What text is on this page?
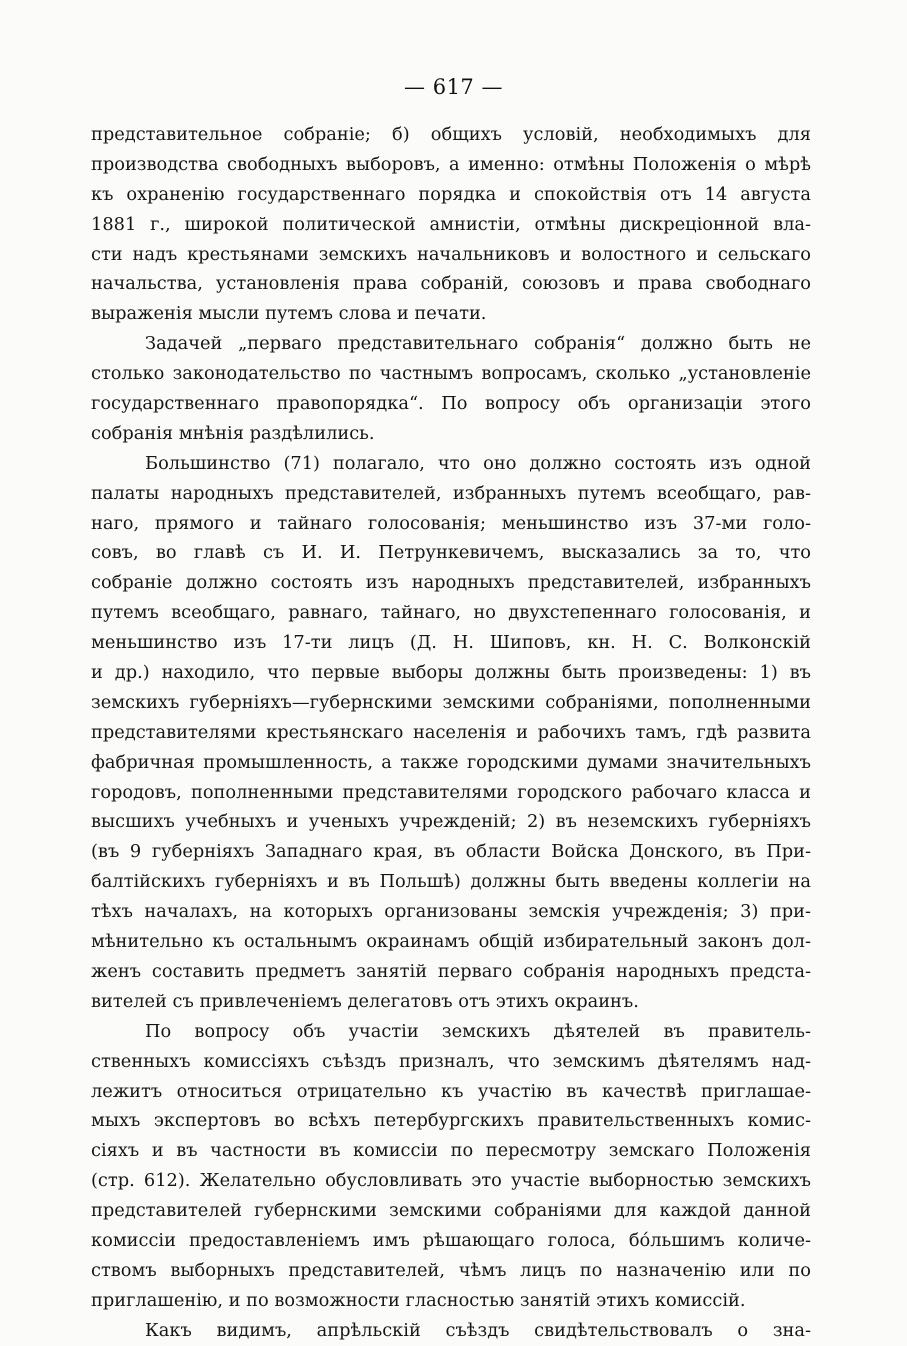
— 617 —
представительное собраніе; б) общихъ условій, необходимыхъ для
производства свободныхъ выборовъ, а именно: отмѣны Положенія о мѣрѣ
къ охраненію государственнаго порядка и спокойствія отъ 14 августа
1881 г., широкой политической амнистіи, отмѣны дискреціонной вла-
сти надъ крестьянами земскихъ начальниковъ и волостного и сельскаго
начальства, установленія права собраній, союзовъ и права свободнаго
выраженія мысли путемъ слова и печати.
Задачей „перваго представительнаго собранія“ должно быть не
столько законодательство по частнымъ вопросамъ, сколько „установленіе
государственнаго правопорядка“. По вопросу объ организаціи этого
собранія мнѣнія раздѣлились.
Большинство (71) полагало, что оно должно состоять изъ одной
палаты народныхъ представителей, избранныхъ путемъ всеобщаго, рав-
наго, прямого и тайнаго голосованія; меньшинство изъ 37-ми голо-
совъ, во главѣ съ И. И. Петрункевичемъ, высказались за то, что
собраніе должно состоять изъ народныхъ представителей, избранныхъ
путемъ всеобщаго, равнаго, тайнаго, но двухстепеннаго голосованія, и
меньшинство изъ 17-ти лицъ (Д. Н. Шиповъ, кн. Н. С. Волконскій
и др.) находило, что первые выборы должны быть произведены: 1) въ
земскихъ губерніяхъ—губернскими земскими собраніями, пополненными
представителями крестьянскаго населенія и рабочихъ тамъ, гдѣ развита
фабричная промышленность, а также городскими думами значительныхъ
городовъ, пополненными представителями городского рабочаго класса и
высшихъ учебныхъ и ученыхъ учрежденій; 2) въ неземскихъ губерніяхъ
(въ 9 губерніяхъ Западнаго края, въ области Войска Донского, въ При-
балтійскихъ губерніяхъ и въ Польшѣ) должны быть введены коллегіи на
тѣхъ началахъ, на которыхъ организованы земскія учрежденія; 3) при-
мѣнительно къ остальнымъ окраинамъ общій избирательный законъ дол-
женъ составить предметъ занятій перваго собранія народныхъ предста-
вителей съ привлеченіемъ делегатовъ отъ этихъ окраинъ.
По вопросу объ участіи земскихъ дѣятелей въ правитель-
ственныхъ комиссіяхъ съѣздъ призналъ, что земскимъ дѣятелямъ над-
лежитъ относиться отрицательно къ участію въ качествѣ приглашае-
мыхъ экспертовъ во всѣхъ петербургскихъ правительственныхъ комис-
сіяхъ и въ частности въ комиссіи по пересмотру земскаго Положенія
(стр. 612). Желательно обусловливать это участіе выборностью земскихъ
представителей губернскими земскими собраніями для каждой данной
комиссіи предоставленіемъ имъ рѣшающаго голоса, бóльшимъ количе-
ствомъ выборныхъ представителей, чѣмъ лицъ по назначенію или по
приглашенію, и по возможности гласностью занятій этихъ комиссій.
Какъ видимъ, апрѣльскій съѣздъ свидѣтельствовалъ о зна-
